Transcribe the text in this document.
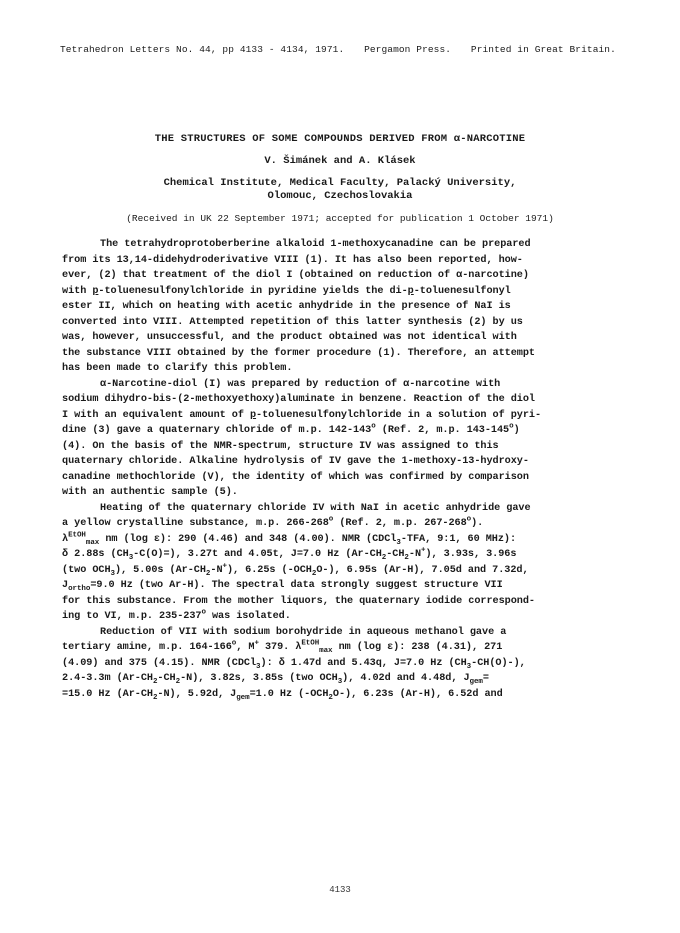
Tetrahedron Letters No. 44, pp 4133 - 4134, 1971. Pergamon Press. Printed in Great Britain.
THE STRUCTURES OF SOME COMPOUNDS DERIVED FROM α-NARCOTINE
V. Šimánek and A. Klásek
Chemical Institute, Medical Faculty, Palacký University,
Olomouc, Czechoslovakia
(Received in UK 22 September 1971; accepted for publication 1 October 1971)
The tetrahydroprotoberberine alkaloid 1-methoxycanadine can be prepared
from its 13,14-didehydroderivative VIII (1). It has also been reported, how-
ever, (2) that treatment of the diol I (obtained on reduction of α-narcotine)
with p-toluenesulfonylchloride in pyridine yields the di-p-toluenesulfonyl
ester II, which on heating with acetic anhydride in the presence of NaI is
converted into VIII. Attempted repetition of this latter synthesis (2) by us
was, however, unsuccessful, and the product obtained was not identical with
the substance VIII obtained by the former procedure (1). Therefore, an attempt
has been made to clarify this problem.
α-Narcotine-diol (I) was prepared by reduction of α-narcotine with
sodium dihydro-bis-(2-methoxyethoxy)aluminate in benzene. Reaction of the diol
I with an equivalent amount of p-toluenesulfonylchloride in a solution of pyri-
dine (3) gave a quaternary chloride of m.p. 142-143$^o$ (Ref. 2, m.p. 143-145$^o$)
(4). On the basis of the NMR-spectrum, structure IV was assigned to this
quaternary chloride. Alkaline hydrolysis of IV gave the 1-methoxy-13-hydroxy-
canadine methochloride (V), the identity of which was confirmed by comparison
with an authentic sample (5).
Heating of the quaternary chloride IV with NaI in acetic anhydride gave
a yellow crystalline substance, m.p. 266-268$^o$ (Ref. 2, m.p. 267-268$^o$).
$\lambda^{EtOH}_{max}$ nm (log ε): 290 (4.46) and 348 (4.00). NMR (CDCl$_3$-TFA, 9:1, 60 MHz):
δ 2.88s $(CH_3-C(O)=)$, 3.27t and 4.05t, J=7.0 Hz $(Ar-CH_2-CH_2-N^+)$, 3.93s, 3.96s
(two $OCH_3$), 5.00s $(Ar-CH_2-N^+)$, 6.25s $(-OCH_2O-)$, 6.95s (Ar-H), 7.05d and 7.32d,
$J_{ortho}=9.0$ Hz (two Ar-H). The spectral data strongly suggest structure VII
for this substance. From the mother liquors, the quaternary iodide correspond-
ing to VI, m.p. 235-237$^o$ was isolated.
Reduction of VII with sodium borohydride in aqueous methanol gave a
tertiary amine, m.p. 164-166$^o$, M+ 379. $\lambda^{EtOH}_{max}$ nm (log ε): 238 (4.31), 271
(4.09) and 375 (4.15). NMR (CDCl$_3$): δ 1.47d and 5.43q, J=7.0 Hz $(CH_3-CH(O)-)$,
2.4-3.3m $(Ar-CH_2-CH_2-N)$, 3.82s, 3.85s (two $OCH_3$), 4.02d and 4.48d, $J_{gem}=$
=15.0 Hz $(Ar-CH_2-N)$, 5.92d, $J_{gem}=1.0$ Hz $(-OCH_2O-)$, 6.23s (Ar-H), 6.52d and
4133
